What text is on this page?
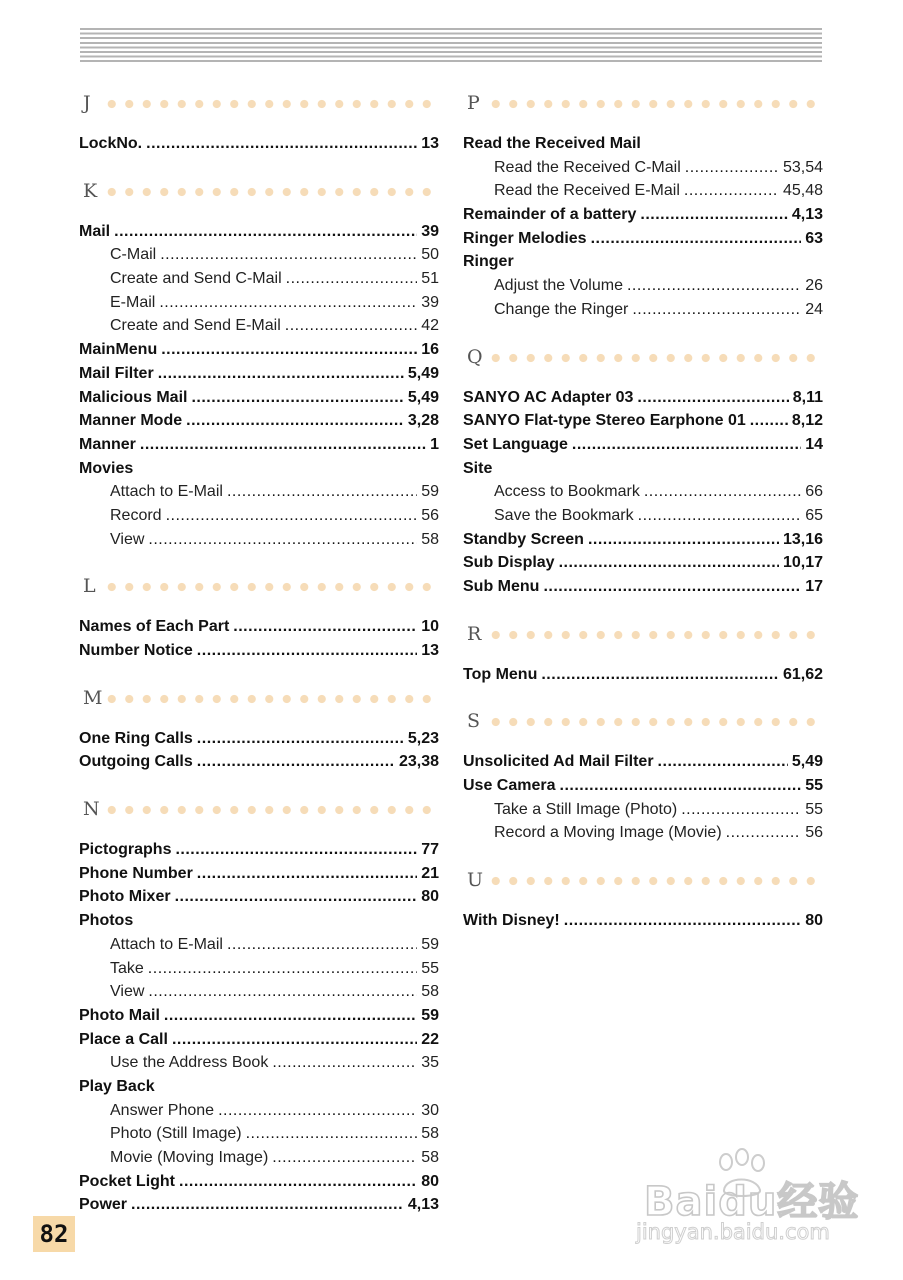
J
LockNo. .....	13
K
Mail .....	39
C-Mail .....	50
Create and Send C-Mail .....	51
E-Mail .....	39
Create and Send E-Mail .....	42
MainMenu .....	16
Mail Filter .....	5,49
Malicious Mail .....	5,49
Manner Mode .....	3,28
Manner .....	1
Movies
Attach to E-Mail .....	59
Record .....	56
View .....	58
L
Names of Each Part .....	10
Number Notice .....	13
M
One Ring Calls .....	5,23
Outgoing Calls .....	23,38
N
Pictographs .....	77
Phone Number .....	21
Photo Mixer .....	80
Photos
Attach to E-Mail .....	59
Take .....	55
View .....	58
Photo Mail .....	59
Place a Call .....	22
Use the Address Book .....	35
Play Back
Answer Phone .....	30
Photo (Still Image) .....	58
Movie (Moving Image) .....	58
Pocket Light .....	80
Power .....	4,13
P
Read the Received Mail
Read the Received C-Mail .....	53,54
Read the Received E-Mail .....	45,48
Remainder of a battery .....	4,13
Ringer Melodies .....	63
Ringer
Adjust the Volume .....	26
Change the Ringer .....	24
Q
SANYO AC Adapter 03 .....	8,11
SANYO Flat-type Stereo Earphone 01 .....	8,12
Set Language .....	14
Site
Access to Bookmark .....	66
Save the Bookmark .....	65
Standby Screen .....	13,16
Sub Display .....	10,17
Sub Menu .....	17
R
Top Menu .....	61,62
S
Unsolicited Ad Mail Filter .....	5,49
Use Camera .....	55
Take a Still Image (Photo) .....	55
Record a Moving Image (Movie) .....	56
U
With Disney! .....	80
82
Baidu经验
jingyan.baidu.com
